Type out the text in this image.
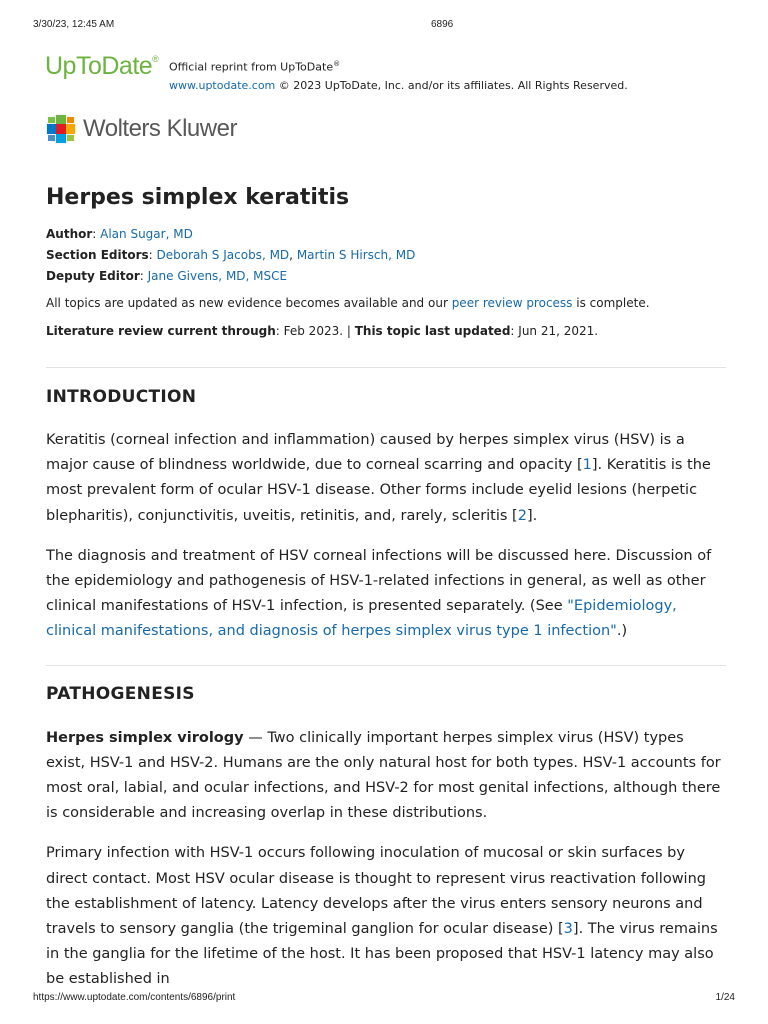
3/30/23, 12:45 AM	6896
UpToDate®
Official reprint from UpToDate®
www.uptodate.com © 2023 UpToDate, Inc. and/or its affiliates. All Rights Reserved.
Wolters Kluwer
Herpes simplex keratitis
Author: Alan Sugar, MD
Section Editors: Deborah S Jacobs, MD, Martin S Hirsch, MD
Deputy Editor: Jane Givens, MD, MSCE
All topics are updated as new evidence becomes available and our peer review process is complete.
Literature review current through: Feb 2023. | This topic last updated: Jun 21, 2021.
INTRODUCTION

Keratitis (corneal infection and inflammation) caused by herpes simplex virus (HSV) is a major cause of blindness worldwide, due to corneal scarring and opacity [1]. Keratitis is the most prevalent form of ocular HSV-1 disease. Other forms include eyelid lesions (herpetic blepharitis), conjunctivitis, uveitis, retinitis, and, rarely, scleritis [2].

The diagnosis and treatment of HSV corneal infections will be discussed here. Discussion of the epidemiology and pathogenesis of HSV-1-related infections in general, as well as other clinical manifestations of HSV-1 infection, is presented separately. (See "Epidemiology, clinical manifestations, and diagnosis of herpes simplex virus type 1 infection".)

PATHOGENESIS

Herpes simplex virology — Two clinically important herpes simplex virus (HSV) types exist, HSV-1 and HSV-2. Humans are the only natural host for both types. HSV-1 accounts for most oral, labial, and ocular infections, and HSV-2 for most genital infections, although there is considerable and increasing overlap in these distributions.

Primary infection with HSV-1 occurs following inoculation of mucosal or skin surfaces by direct contact. Most HSV ocular disease is thought to represent virus reactivation following the establishment of latency. Latency develops after the virus enters sensory neurons and travels to sensory ganglia (the trigeminal ganglion for ocular disease) [3]. The virus remains in the ganglia for the lifetime of the host. It has been proposed that HSV-1 latency may also be established in

https://www.uptodate.com/contents/6896/print	1/24
